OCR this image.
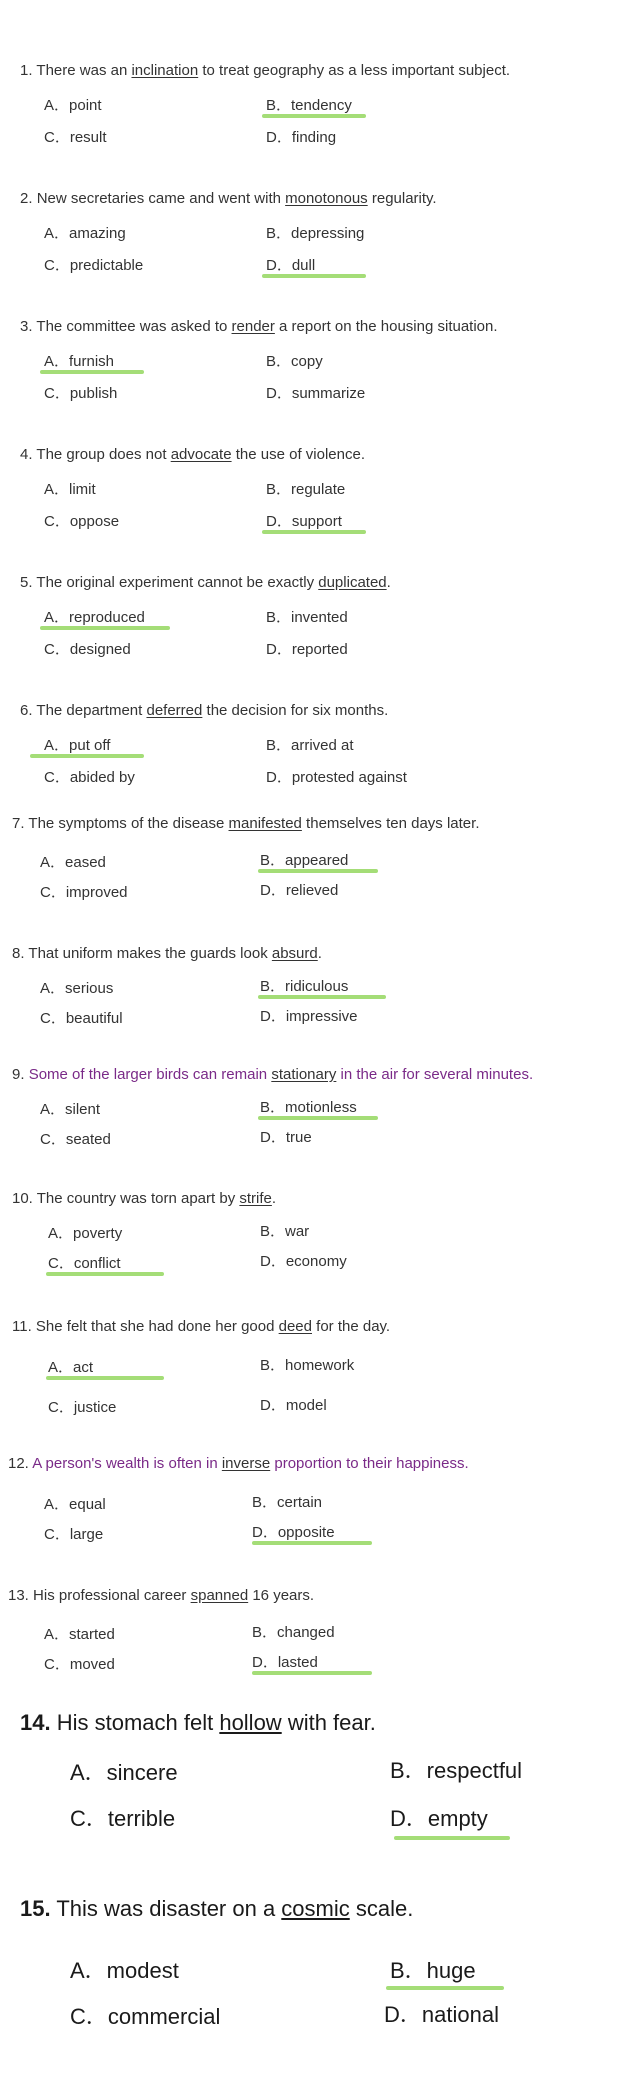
1. There was an inclination to treat geography as a less important subject.
A．point	B．tendency
C．result	D．finding
2. New secretaries came and went with monotonous regularity.
A．amazing	B．depressing
C．predictable	D．dull
3. The committee was asked to render a report on the housing situation.
A．furnish	B．copy
C．publish	D．summarize
4. The group does not advocate the use of violence.
A．limit	B．regulate
C．oppose	D．support
5. The original experiment cannot be exactly duplicated.
A．reproduced	B．invented
C．designed	D．reported
6. The department deferred the decision for six months.
A．put off	B．arrived at
C．abided by	D．protested against
7. The symptoms of the disease manifested themselves ten days later.
A．eased	B．appeared
C．improved	D．relieved
8. That uniform makes the guards look absurd.
A．serious	B．ridiculous
C．beautiful	D．impressive
9. Some of the larger birds can remain stationary in the air for several minutes.
A．silent	B．motionless
C．seated	D．true
10. The country was torn apart by strife.
A．poverty	B．war
C．conflict	D．economy
11. She felt that she had done her good deed for the day.
A．act	B．homework
C．justice	D．model
12. A person's wealth is often in inverse proportion to their happiness.
A．equal	B．certain
C．large	D．opposite
13. His professional career spanned 16 years.
A．started	B．changed
C．moved	D．lasted
14. His stomach felt hollow with fear.
A．sincere	B．respectful
C．terrible	D．empty
15. This was disaster on a cosmic scale.
A．modest	B．huge
C．commercial	D．national
